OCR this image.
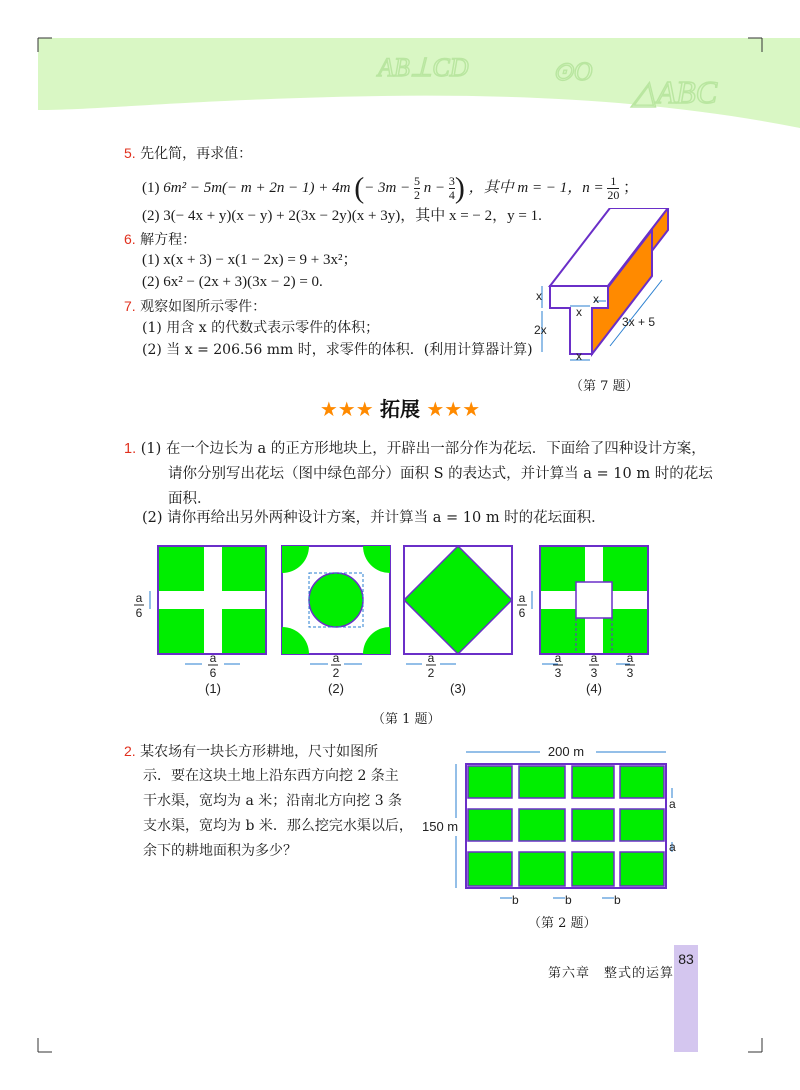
AB⊥CD	⊙O
△ABC
5. 先化简，再求值：
(1) 6m² − 5m(− m + 2n − 1) + 4m (− $3m - \frac{5}{2}$ $n - \frac{3}{4}$ ) ，其中 m = − 1，$n = \frac{1}{20}$ ；
(2) 3(− 4x + y)(x − y) + 2(3x − 2y)(x + 3y)，其中 x = − 2，y = 1.
6. 解方程：
(1) x(x + 3) − x(1 − 2x) = 9 + 3x²；
(2) 6x² − (2x + 3)(3x − 2) = 0.
7. 观察如图所示零件：
(1) 用含 x 的代数式表示零件的体积；
(2) 当 x = 206.56 mm 时，求零件的体积．(利用计算器计算)
x
x
x
2x
3x + 5
x
（第 7 题）
★★★ 拓展 ★★★
1. (1) 在一个边长为 a 的正方形地块上，开辟出一部分作为花坛．下面给了四种设计方案，
请你分别写出花坛（图中绿色部分）面积 S 的表达式，并计算当 a = 10 m 时的花坛
面积．
(2) 请你再给出另外两种设计方案，并计算当 a = 10 m 时的花坛面积．
a
6
a
6
a
2
a
2
a
6
a
3
a
3
a
3
(1)	(2)	(3)	(4)
（第 1 题）
2. 某农场有一块长方形耕地，尺寸如图所
示．要在这块土地上沿东西方向挖 2 条主
干水渠，宽均为 a 米；沿南北方向挖 3 条
支水渠，宽均为 b 米．那么挖完水渠以后，
余下的耕地面积为多少？
200 m
150 m
a
a
b	b	b
（第 2 题）
第六章　整式的运算
83
